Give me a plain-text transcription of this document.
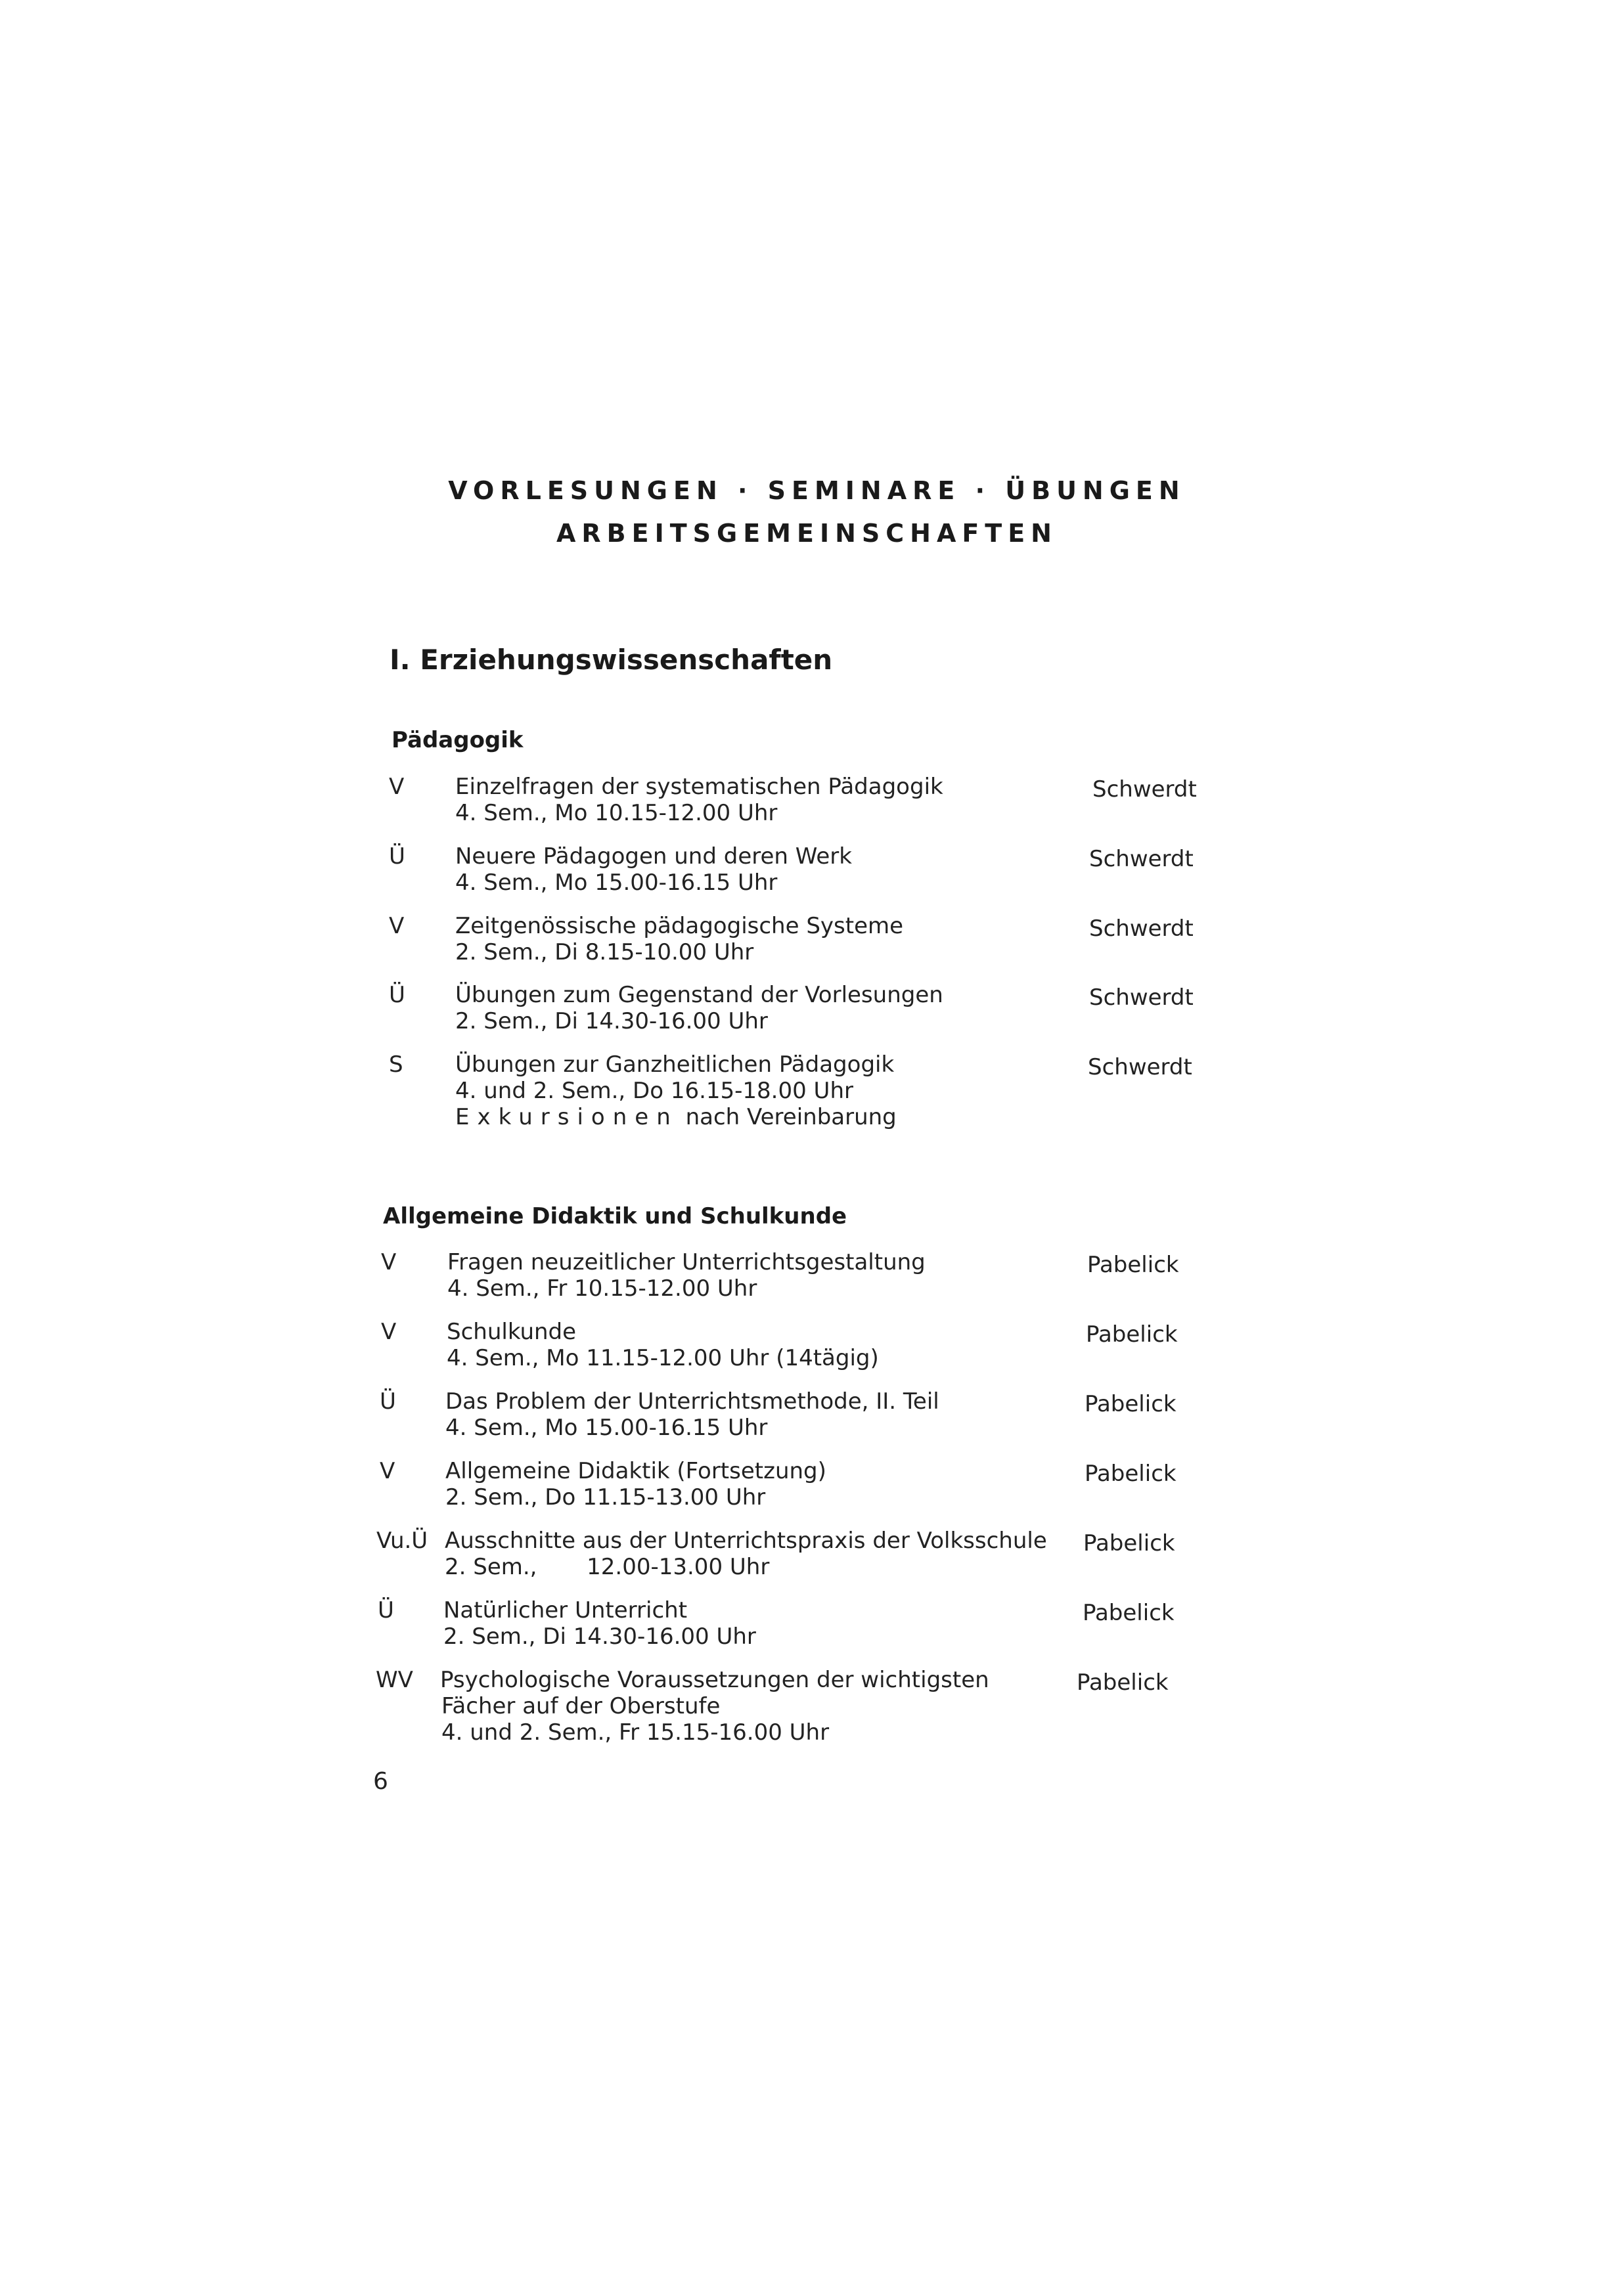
VORLESUNGEN · SEMINARE · ÜBUNGEN
ARBEITSGEMEINSCHAFTEN
I. Erziehungswissenschaften
Pädagogik
V Einzelfragen der systematischen Pädagogik
4. Sem., Mo 10.15-12.00 Uhr
Schwerdt
Ü Neuere Pädagogen und deren Werk
4. Sem., Mo 15.00-16.15 Uhr
Schwerdt
V Zeitgenössische pädagogische Systeme
2. Sem., Di 8.15-10.00 Uhr
Schwerdt
Ü Übungen zum Gegenstand der Vorlesungen
2. Sem., Di 14.30-16.00 Uhr
Schwerdt
S Übungen zur Ganzheitlichen Pädagogik
4. und 2. Sem., Do 16.15-18.00 Uhr
Exkursionen nach Vereinbarung
Schwerdt
Allgemeine Didaktik und Schulkunde
V Fragen neuzeitlicher Unterrichtsgestaltung
4. Sem., Fr 10.15-12.00 Uhr
Pabelick
V Schulkunde
4. Sem., Mo 11.15-12.00 Uhr (14tägig)
Pabelick
Ü Das Problem der Unterrichtsmethode, II. Teil
4. Sem., Mo 15.00-16.15 Uhr
Pabelick
V Allgemeine Didaktik (Fortsetzung)
2. Sem., Do 11.15-13.00 Uhr
Pabelick
Vu.Ü Ausschnitte aus der Unterrichtspraxis der Volksschule
2. Sem.,       12.00-13.00 Uhr
Pabelick
Ü Natürlicher Unterricht
2. Sem., Di 14.30-16.00 Uhr
Pabelick
WV Psychologische Voraussetzungen der wichtigsten
Fächer auf der Oberstufe
4. und 2. Sem., Fr 15.15-16.00 Uhr
Pabelick
6
